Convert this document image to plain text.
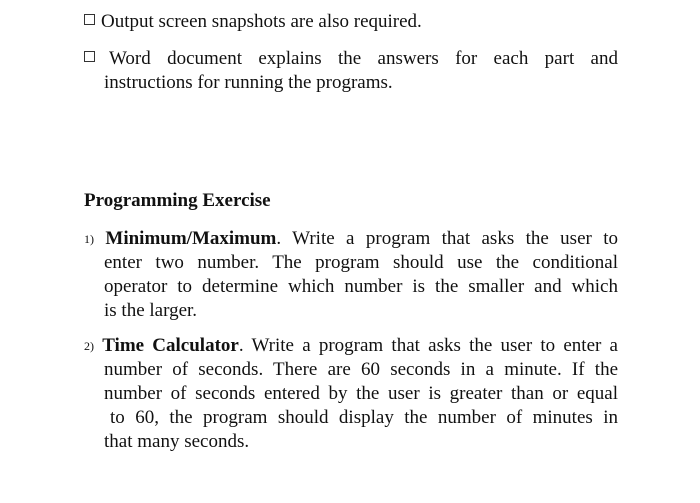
Output screen snapshots are also required.
Word document explains the answers for each part and
instructions for running the programs.
Programming Exercise
1) Minimum/Maximum. Write a program that asks the user to
enter two number. The program should use the conditional
operator to determine which number is the smaller and which
is the larger.
2) Time Calculator. Write a program that asks the user to enter a
number of seconds. There are 60 seconds in a minute. If the
number of seconds entered by the user is greater than or equal
to 60, the program should display the number of minutes in
that many seconds.
